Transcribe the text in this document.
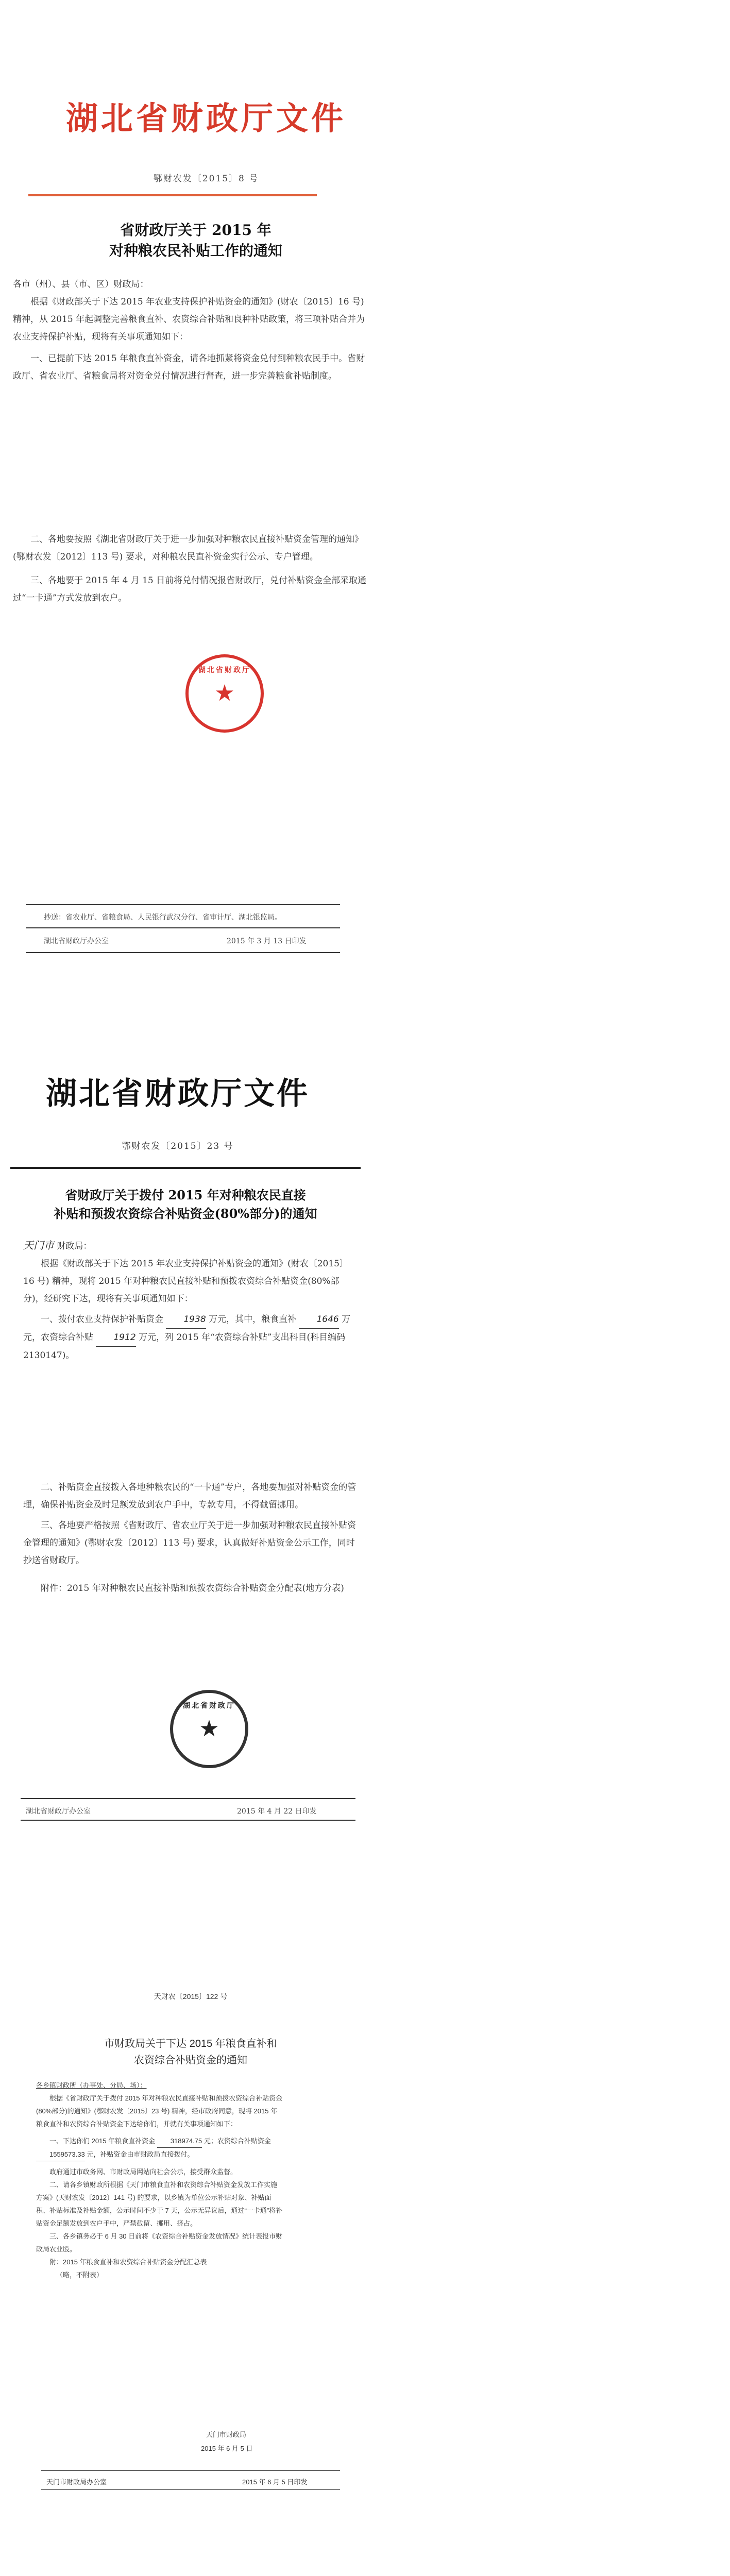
湖北省财政厅文件
鄂财农发〔2015〕8 号
省财政厅关于 2015 年
对种粮农民补贴工作的通知

各市（州）、县（市、区）财政局：

根据《财政部关于下达 2015 年农业支持保护补贴资金的通知》(财农〔2015〕16 号) 精神，从 2015 年起调整完善粮食直补、农资综合补贴和良种补贴政策，将三项补贴合并为农业支持保护补贴，现将有关事项通知如下：

一、已提前下达 2015 年粮食直补资金，请各地抓紧将资金兑付到种粮农民手中。省财政厅、省农业厅、省粮食局将对资金兑付情况进行督查，进一步完善粮食补贴制度。

二、各地要按照《湖北省财政厅关于进一步加强对种粮农民直接补贴资金管理的通知》(鄂财农发〔2012〕113 号) 要求，对种粮农民直补资金实行公示、专户管理。

三、各地要于 2015 年 4 月 15 日前将兑付情况报省财政厅，兑付补贴资金全部采取通过“一卡通”方式发放到农户。

★
湖北省财政厅
抄送：省农业厅、省粮食局、人民银行武汉分行、省审计厅、湖北银监局。
湖北省财政厅办公室	2015 年 3 月 13 日印发
湖北省财政厅文件
鄂财农发〔2015〕23 号
省财政厅关于拨付 2015 年对种粮农民直接
补贴和预拨农资综合补贴资金(80%部分)的通知

天门市 财政局：

根据《财政部关于下达 2015 年农业支持保护补贴资金的通知》(财农〔2015〕16 号) 精神，现将 2015 年对种粮农民直接补贴和预拨农资综合补贴资金(80%部分)，经研究下达，现将有关事项通知如下：

一、拨付农业支持保护补贴资金 1938 万元，其中，粮食直补 1646 万元，农资综合补贴 1912 万元，列 2015 年“农资综合补贴”支出科目(科目编码 2130147)。

二、补贴资金直接拨入各地种粮农民的“一卡通”专户，各地要加强对补贴资金的管理，确保补贴资金及时足额发放到农户手中，专款专用，不得截留挪用。

三、各地要严格按照《省财政厅、省农业厅关于进一步加强对种粮农民直接补贴资金管理的通知》(鄂财农发〔2012〕113 号) 要求，认真做好补贴资金公示工作，同时抄送省财政厅。

附件：2015 年对种粮农民直接补贴和预拨农资综合补贴资金分配表(地方分表)

★
湖北省财政厅
湖北省财政厅办公室	2015 年 4 月 22 日印发
天财农〔2015〕122 号
市财政局关于下达 2015 年粮食直补和
农资综合补贴资金的通知
各乡镇财政所（办事处、分局、场）：
根据《省财政厅关于拨付 2015 年对种粮农民直接补贴和预拨农资综合补贴资金(80%部分)的通知》(鄂财农发〔2015〕23 号) 精神，经市政府同意，现将 2015 年粮食直补和农资综合补贴资金下达给你们，并就有关事项通知如下：
一、下达你们 2015 年粮食直补资金 318974.75 元；农资综合补贴资金 1559573.33 元，补贴资金由市财政局直接拨付。
政府通过市政务网、市财政局网站向社会公示，接受群众监督。
二、请各乡镇财政所根据《天门市粮食直补和农资综合补贴资金发放工作实施方案》(天财农发〔2012〕141 号) 的要求，以乡镇为单位公示补贴对象、补贴面积、补贴标准及补贴金额，公示时间不少于 7 天，公示无异议后，通过“一卡通”将补贴资金足额发放到农户手中，严禁截留、挪用、挤占。
三、各乡镇务必于 6 月 30 日前将《农资综合补贴资金发放情况》统计表报市财政局农业股。
附：2015 年粮食直补和农资综合补贴资金分配汇总表
（略，不附表）
天门市财政局
2015 年 6 月 5 日
天门市财政局办公室	2015 年 6 月 5 日印发
